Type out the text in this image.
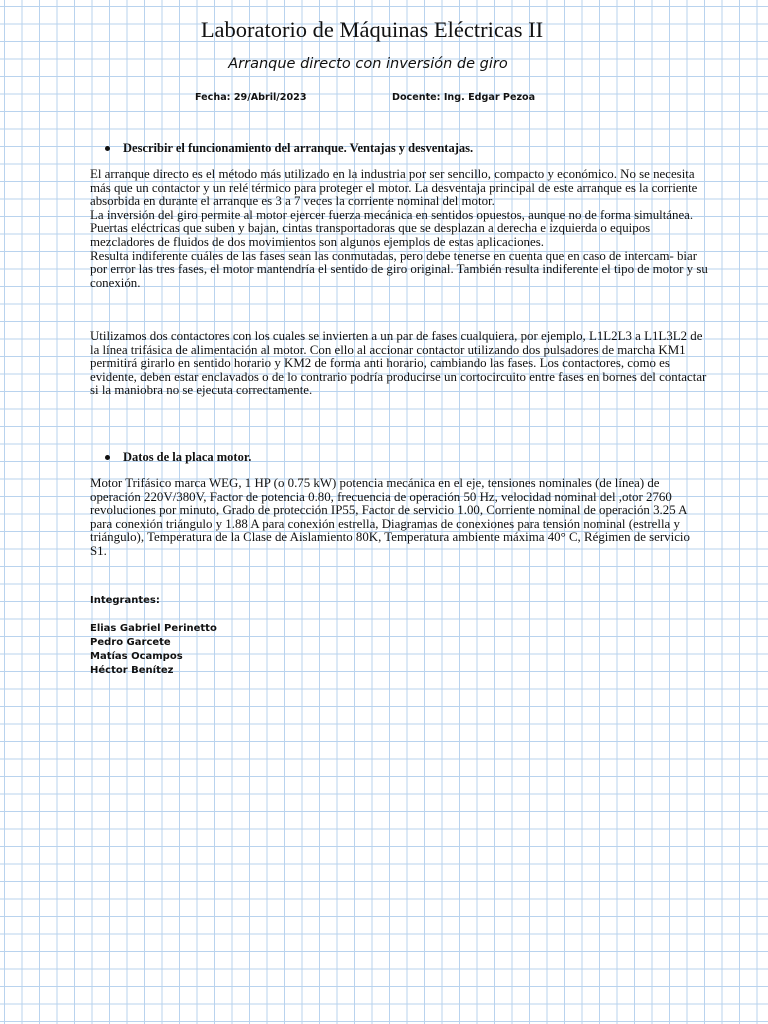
Laboratorio de Máquinas Eléctricas II
Arranque directo con inversión de giro
Fecha: 29/Abril/2023	Docente: Ing. Edgar Pezoa
Describir el funcionamiento del arranque. Ventajas y desventajas.

El arranque directo es el método más utilizado en la industria por ser sencillo, compacto y económico. No se necesita más que un contactor y un relé térmico para proteger el motor. La desventaja principal de este arranque es la corriente absorbida en durante el arranque es 3 a 7 veces la corriente nominal del motor.

La inversión del giro permite al motor ejercer fuerza mecánica en sentidos opuestos, aunque no de forma simultánea. Puertas eléctricas que suben y bajan, cintas transportadoras que se desplazan a derecha e izquierda o equipos mezcladores de fluidos de dos movimientos son algunos ejemplos de estas aplicaciones.

Resulta indiferente cuáles de las fases sean las conmutadas, pero debe tenerse en cuenta que en caso de intercam- biar por error las tres fases, el motor mantendría el sentido de giro original. También resulta indiferente el tipo de motor y su conexión.

Utilizamos dos contactores con los cuales se invierten a un par de fases cualquiera, por ejemplo, L1L2L3 a L1L3L2 de la línea trifásica de alimentación al motor. Con ello al accionar contactor utilizando dos pulsadores de marcha KM1 permitirá girarlo en sentido horario y KM2 de forma anti horario, cambiando las fases. Los contactores, como es evidente, deben estar enclavados o de lo contrario podría producirse un cortocircuito entre fases en bornes del contactar si la maniobra no se ejecuta correctamente.

Datos de la placa motor.

Motor Trifásico marca WEG, 1 HP (o 0.75 kW) potencia mecánica en el eje, tensiones nominales (de línea) de operación 220V/380V, Factor de potencia 0.80, frecuencia de operación 50 Hz, velocidad nominal del ,otor 2760 revoluciones por minuto, Grado de protección IP55, Factor de servicio 1.00, Corriente nominal de operación 3.25 A para conexión triángulo y 1.88 A para conexión estrella, Diagramas de conexiones para tensión nominal (estrella y triángulo), Temperatura de la Clase de Aislamiento 80K, Temperatura ambiente máxima 40° C, Régimen de servicio S1.

Integrantes:
Elias Gabriel Perinetto
Pedro Garcete
Matías Ocampos
Héctor Benítez
